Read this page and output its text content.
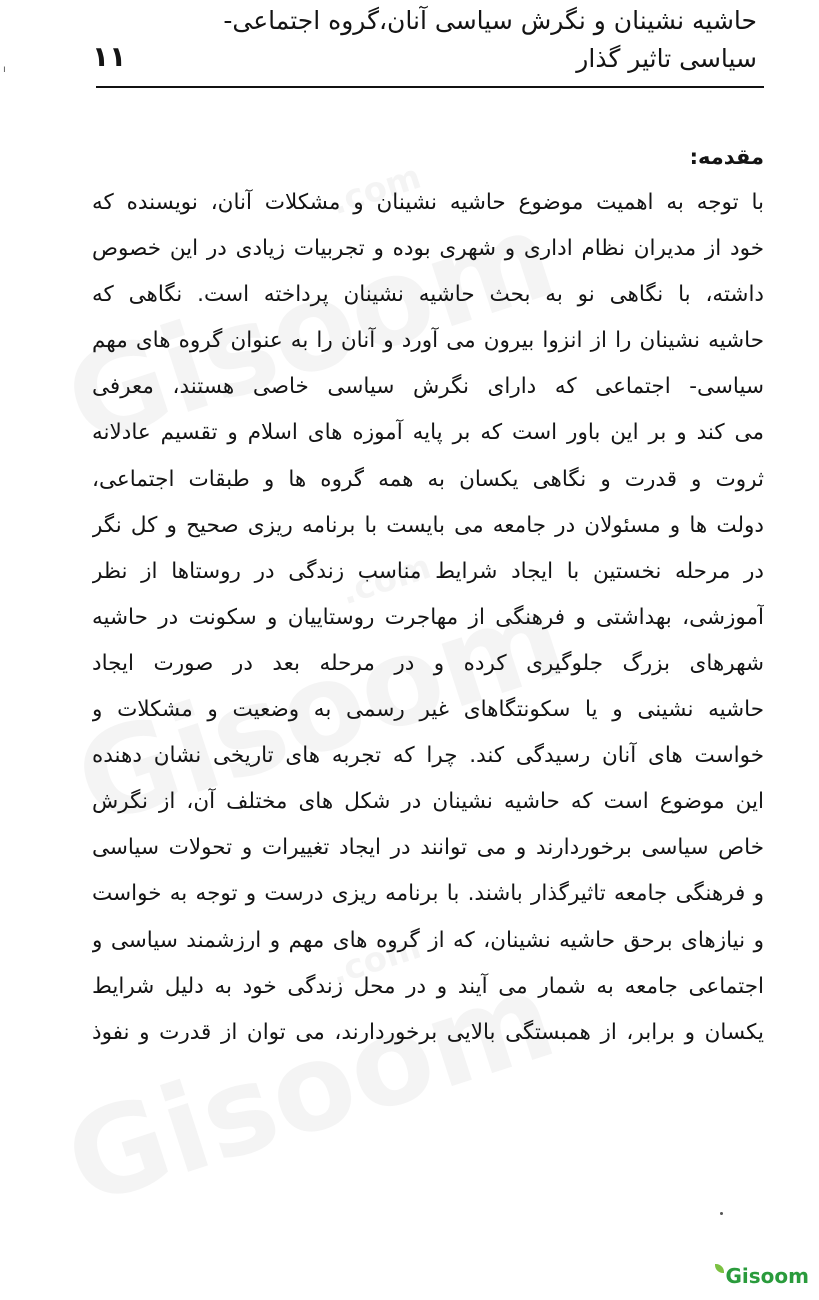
ı
حاشیه نشینان و نگرش سیاسی آنان،گروه اجتماعی- سیاسی تاثیر گذار
۱۱
مقدمه:
با توجه به اهمیت موضوع حاشیه نشینان و مشکلات آنان، نویسنده که
خود از مدیران نظام اداری و شهری بوده و تجربیات زیادی در این خصوص
داشته، با نگاهی نو به بحث حاشیه نشینان پرداخته است. نگاهی که
حاشیه نشینان را از انزوا بیرون می آورد و آنان را به عنوان گروه های مهم
سیاسی- اجتماعی که دارای نگرش سیاسی خاصی هستند، معرفی
می کند و بر این باور است که بر پایه آموزه های اسلام و تقسیم عادلانه
ثروت و قدرت و نگاهی یکسان به همه گروه ها و طبقات اجتماعی،
دولت ها و مسئولان در جامعه می بایست با برنامه ریزی صحیح و کل نگر
در مرحله نخستین با ایجاد شرایط مناسب زندگی در روستاها از نظر
آموزشی، بهداشتی و فرهنگی از مهاجرت روستاییان و سکونت در حاشیه
شهرهای بزرگ جلوگیری کرده و در مرحله بعد در صورت ایجاد
حاشیه نشینی و یا سکونتگاهای غیر رسمی به وضعیت و مشکلات و
خواست های آنان رسیدگی کند. چرا که تجربه های تاریخی نشان دهنده
این موضوع است که حاشیه نشینان در شکل های مختلف آن، از نگرش
خاص سیاسی برخوردارند و می توانند در ایجاد تغییرات و تحولات سیاسی
و فرهنگی جامعه تاثیرگذار باشند. با برنامه ریزی درست و توجه به خواست
و نیازهای برحق حاشیه نشینان، که از گروه های مهم و ارزشمند سیاسی و
اجتماعی جامعه به شمار می آیند و در محل زندگی خود به دلیل شرایط
یکسان و برابر، از همبستگی بالایی برخوردارند، می توان از قدرت و نفوذ
Gisoom
